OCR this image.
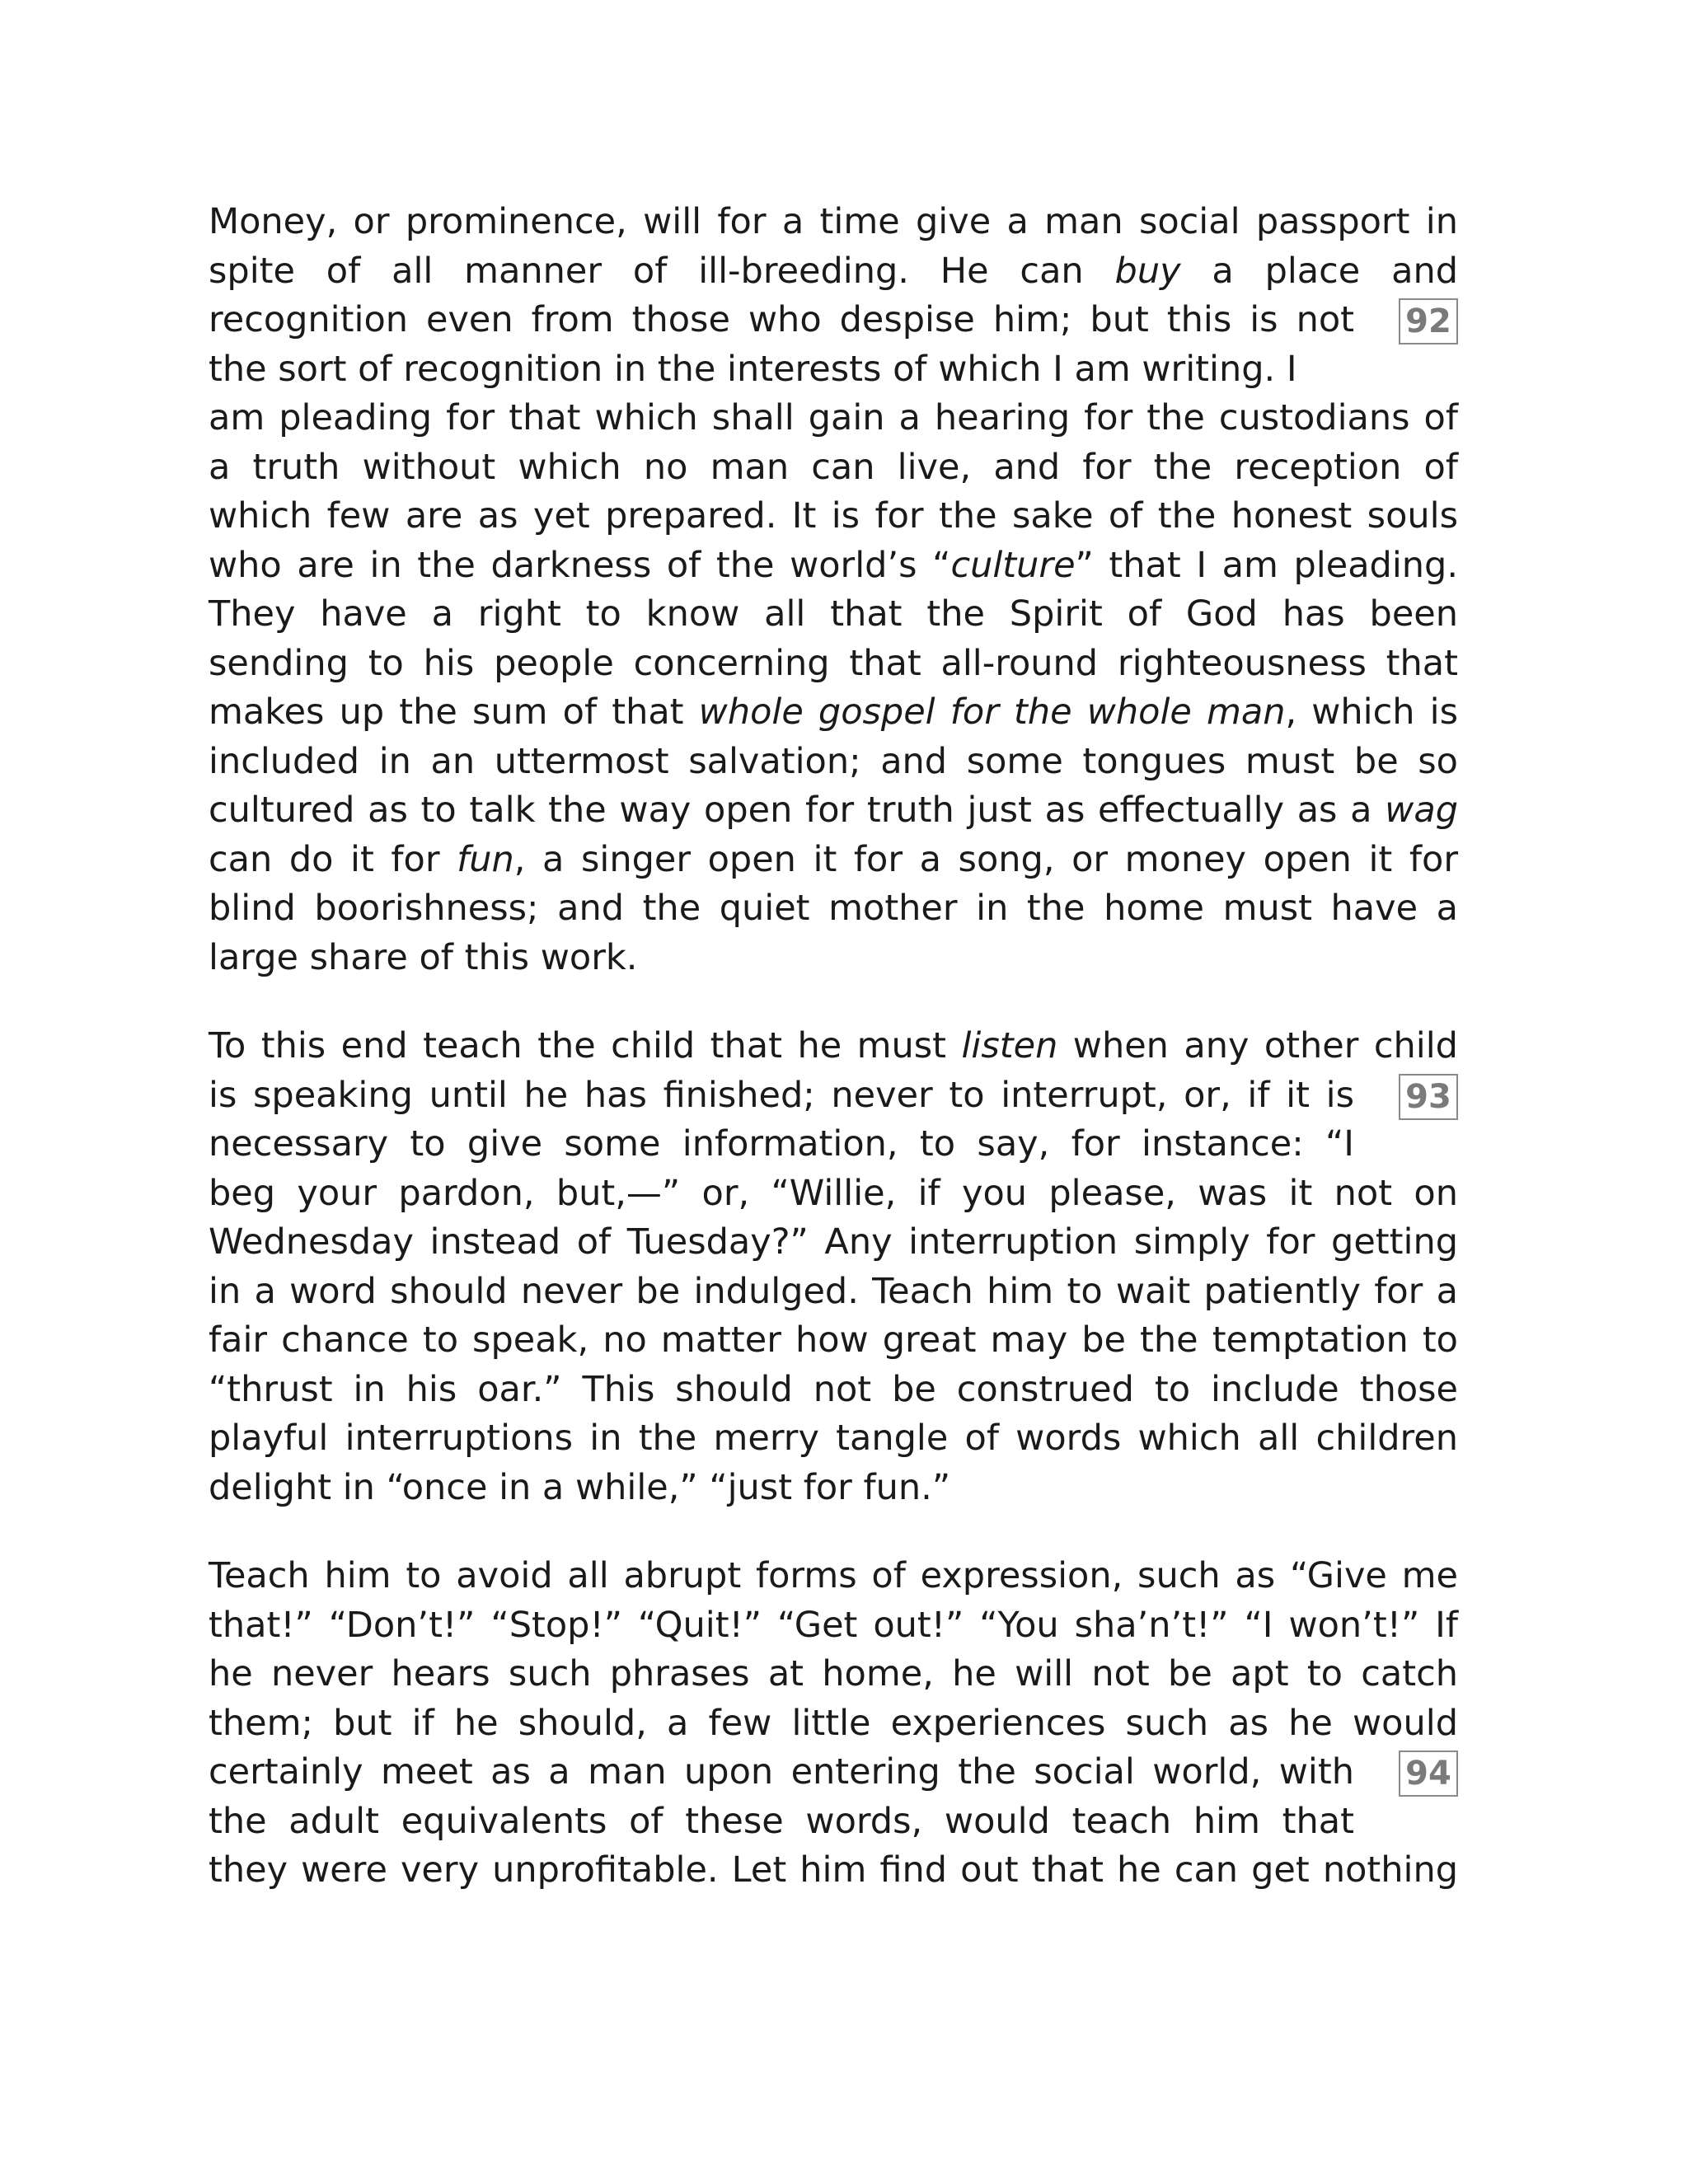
Money, or prominence, will for a time give a man social passport in
spite of all manner of ill-breeding. He can buy a place and
recognition even from those who despise him; but this is not
the sort of recognition in the interests of which I am writing. I
am pleading for that which shall gain a hearing for the custodians of
a truth without which no man can live, and for the reception of
which few are as yet prepared. It is for the sake of the honest souls
who are in the darkness of the world’s “culture” that I am pleading.
They have a right to know all that the Spirit of God has been
sending to his people concerning that all-round righteousness that
makes up the sum of that whole gospel for the whole man, which is
included in an uttermost salvation; and some tongues must be so
cultured as to talk the way open for truth just as effectually as a wag
can do it for fun, a singer open it for a song, or money open it for
blind boorishness; and the quiet mother in the home must have a
large share of this work.
92
To this end teach the child that he must listen when any other child
is speaking until he has finished; never to interrupt, or, if it is
necessary to give some information, to say, for instance: “I
beg your pardon, but,—” or, “Willie, if you please, was it not on
Wednesday instead of Tuesday?” Any interruption simply for getting
in a word should never be indulged. Teach him to wait patiently for a
fair chance to speak, no matter how great may be the temptation to
“thrust in his oar.” This should not be construed to include those
playful interruptions in the merry tangle of words which all children
delight in “once in a while,” “just for fun.”
93
Teach him to avoid all abrupt forms of expression, such as “Give me
that!” “Don’t!” “Stop!” “Quit!” “Get out!” “You sha’n’t!” “I won’t!” If
he never hears such phrases at home, he will not be apt to catch
them; but if he should, a few little experiences such as he would
certainly meet as a man upon entering the social world, with
the adult equivalents of these words, would teach him that
they were very unprofitable. Let him find out that he can get nothing
94
